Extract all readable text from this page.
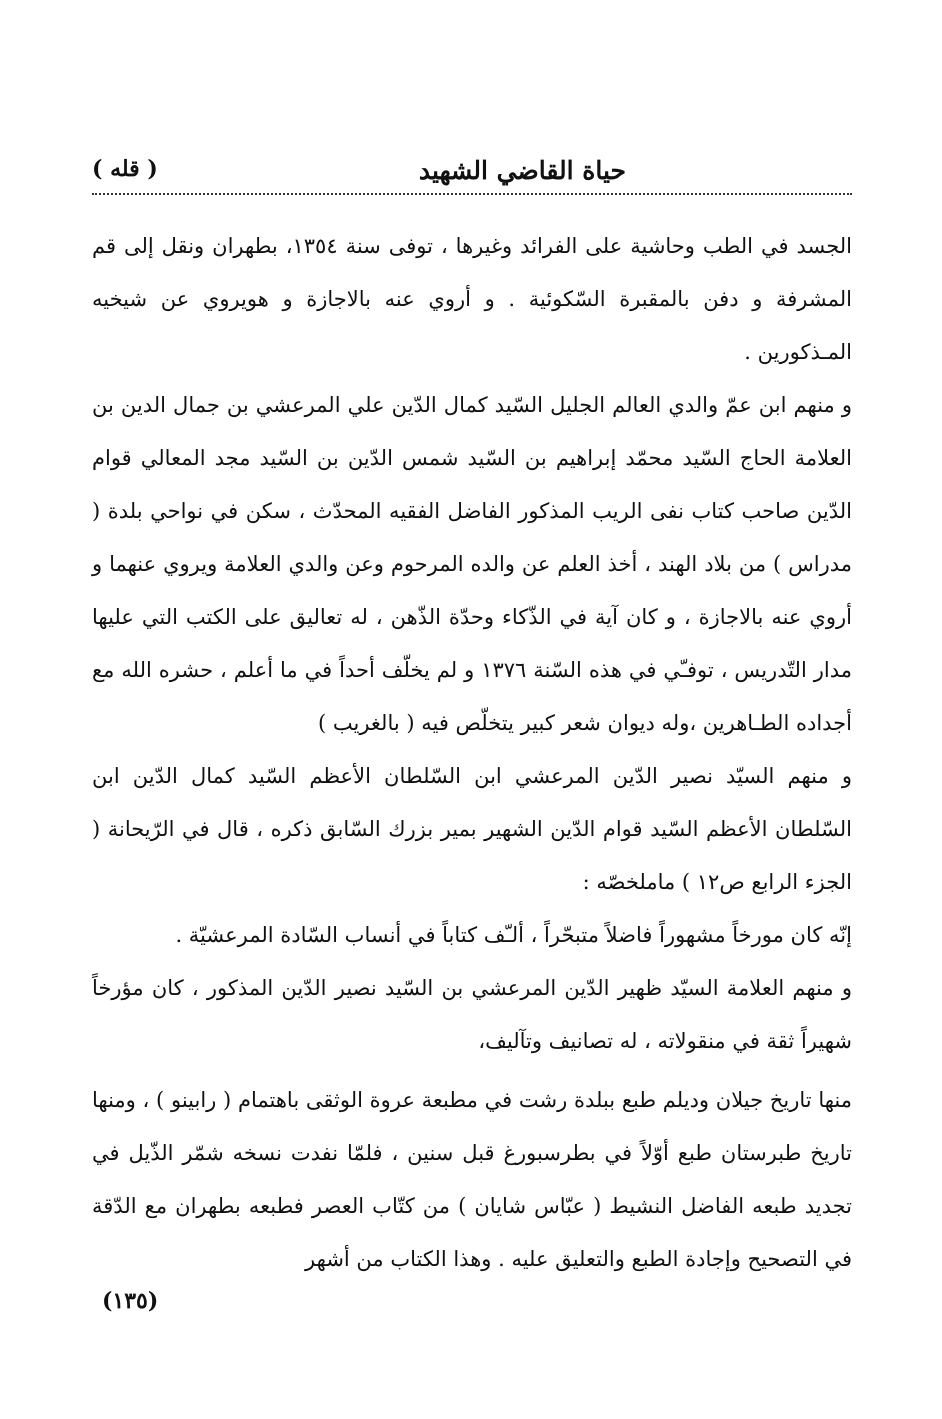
حياة القاضي الشهيد
( قله )

الجسد في الطب وحاشية على الفرائد وغيرها ، توفى سنة ١٣٥٤، بطهران ونقل إلى قم المشرفة و دفن بالمقبرة السّكوئية . و أروي عنه بالاجازة و هويروي عن شيخيه المـذكورين .

و منهم ابن عمّ والدي العالم الجليل السّيد كمال الدّين علي المرعشي بن جمال الدين بن العلامة الحاج السّيد محمّد إبراهيم بن السّيد شمس الدّين بن السّيد مجد المعالي قوام الدّين صاحب كتاب نفى الريب المذكور الفاضل الفقيه المحدّث ، سكن في نواحي بلدة ( مدراس ) من بلاد الهند ، أخذ العلم عن والده المرحوم وعن والدي العلامة ويروي عنهما و أروي عنه بالاجازة ، و كان آية في الذّكاء وحدّة الذّهن ، له تعاليق على الكتب التي عليها مدار التّدريس ، توفـّي في هذه السّنة ١٣٧٦ و لم يخلّف أحداً في ما أعلم ، حشره الله مع أجداده الطـاهرين ،وله ديوان شعر كبير يتخلّص فيه ( بالغريب )

و منهم السيّد نصير الدّين المرعشي ابن السّلطان الأعظم السّيد كمال الدّين ابن السّلطان الأعظم السّيد قوام الدّين الشهير بمير بزرك السّابق ذكره ، قال في الرّيحانة ( الجزء الرابع ص١٢ ) ماملخصّه :

إنّه كان مورخاً مشهوراً فاضلاً متبحّراً ، ألـّف كتاباً في أنساب السّادة المرعشيّة .

و منهم العلامة السيّد ظهير الدّين المرعشي بن السّيد نصير الدّين المذكور ، كان مؤرخاً شهيراً ثقة في منقولاته ، له تصانيف وتآليف،

منها تاريخ جيلان وديلم طبع ببلدة رشت في مطبعة عروة الوثقى باهتمام ( رابينو ) ، ومنها تاريخ طبرستان طبع أوّلاً في بطرسبورغ قبل سنين ، فلمّا نفدت نسخه شمّر الذّيل في تجديد طبعه الفاضل النشيط ( عبّاس شايان ) من كتّاب العصر فطبعه بطهران مع الدّقة في التصحيح وإجادة الطبع والتعليق عليه . وهذا الكتاب من أشهر

(١٣٥)
